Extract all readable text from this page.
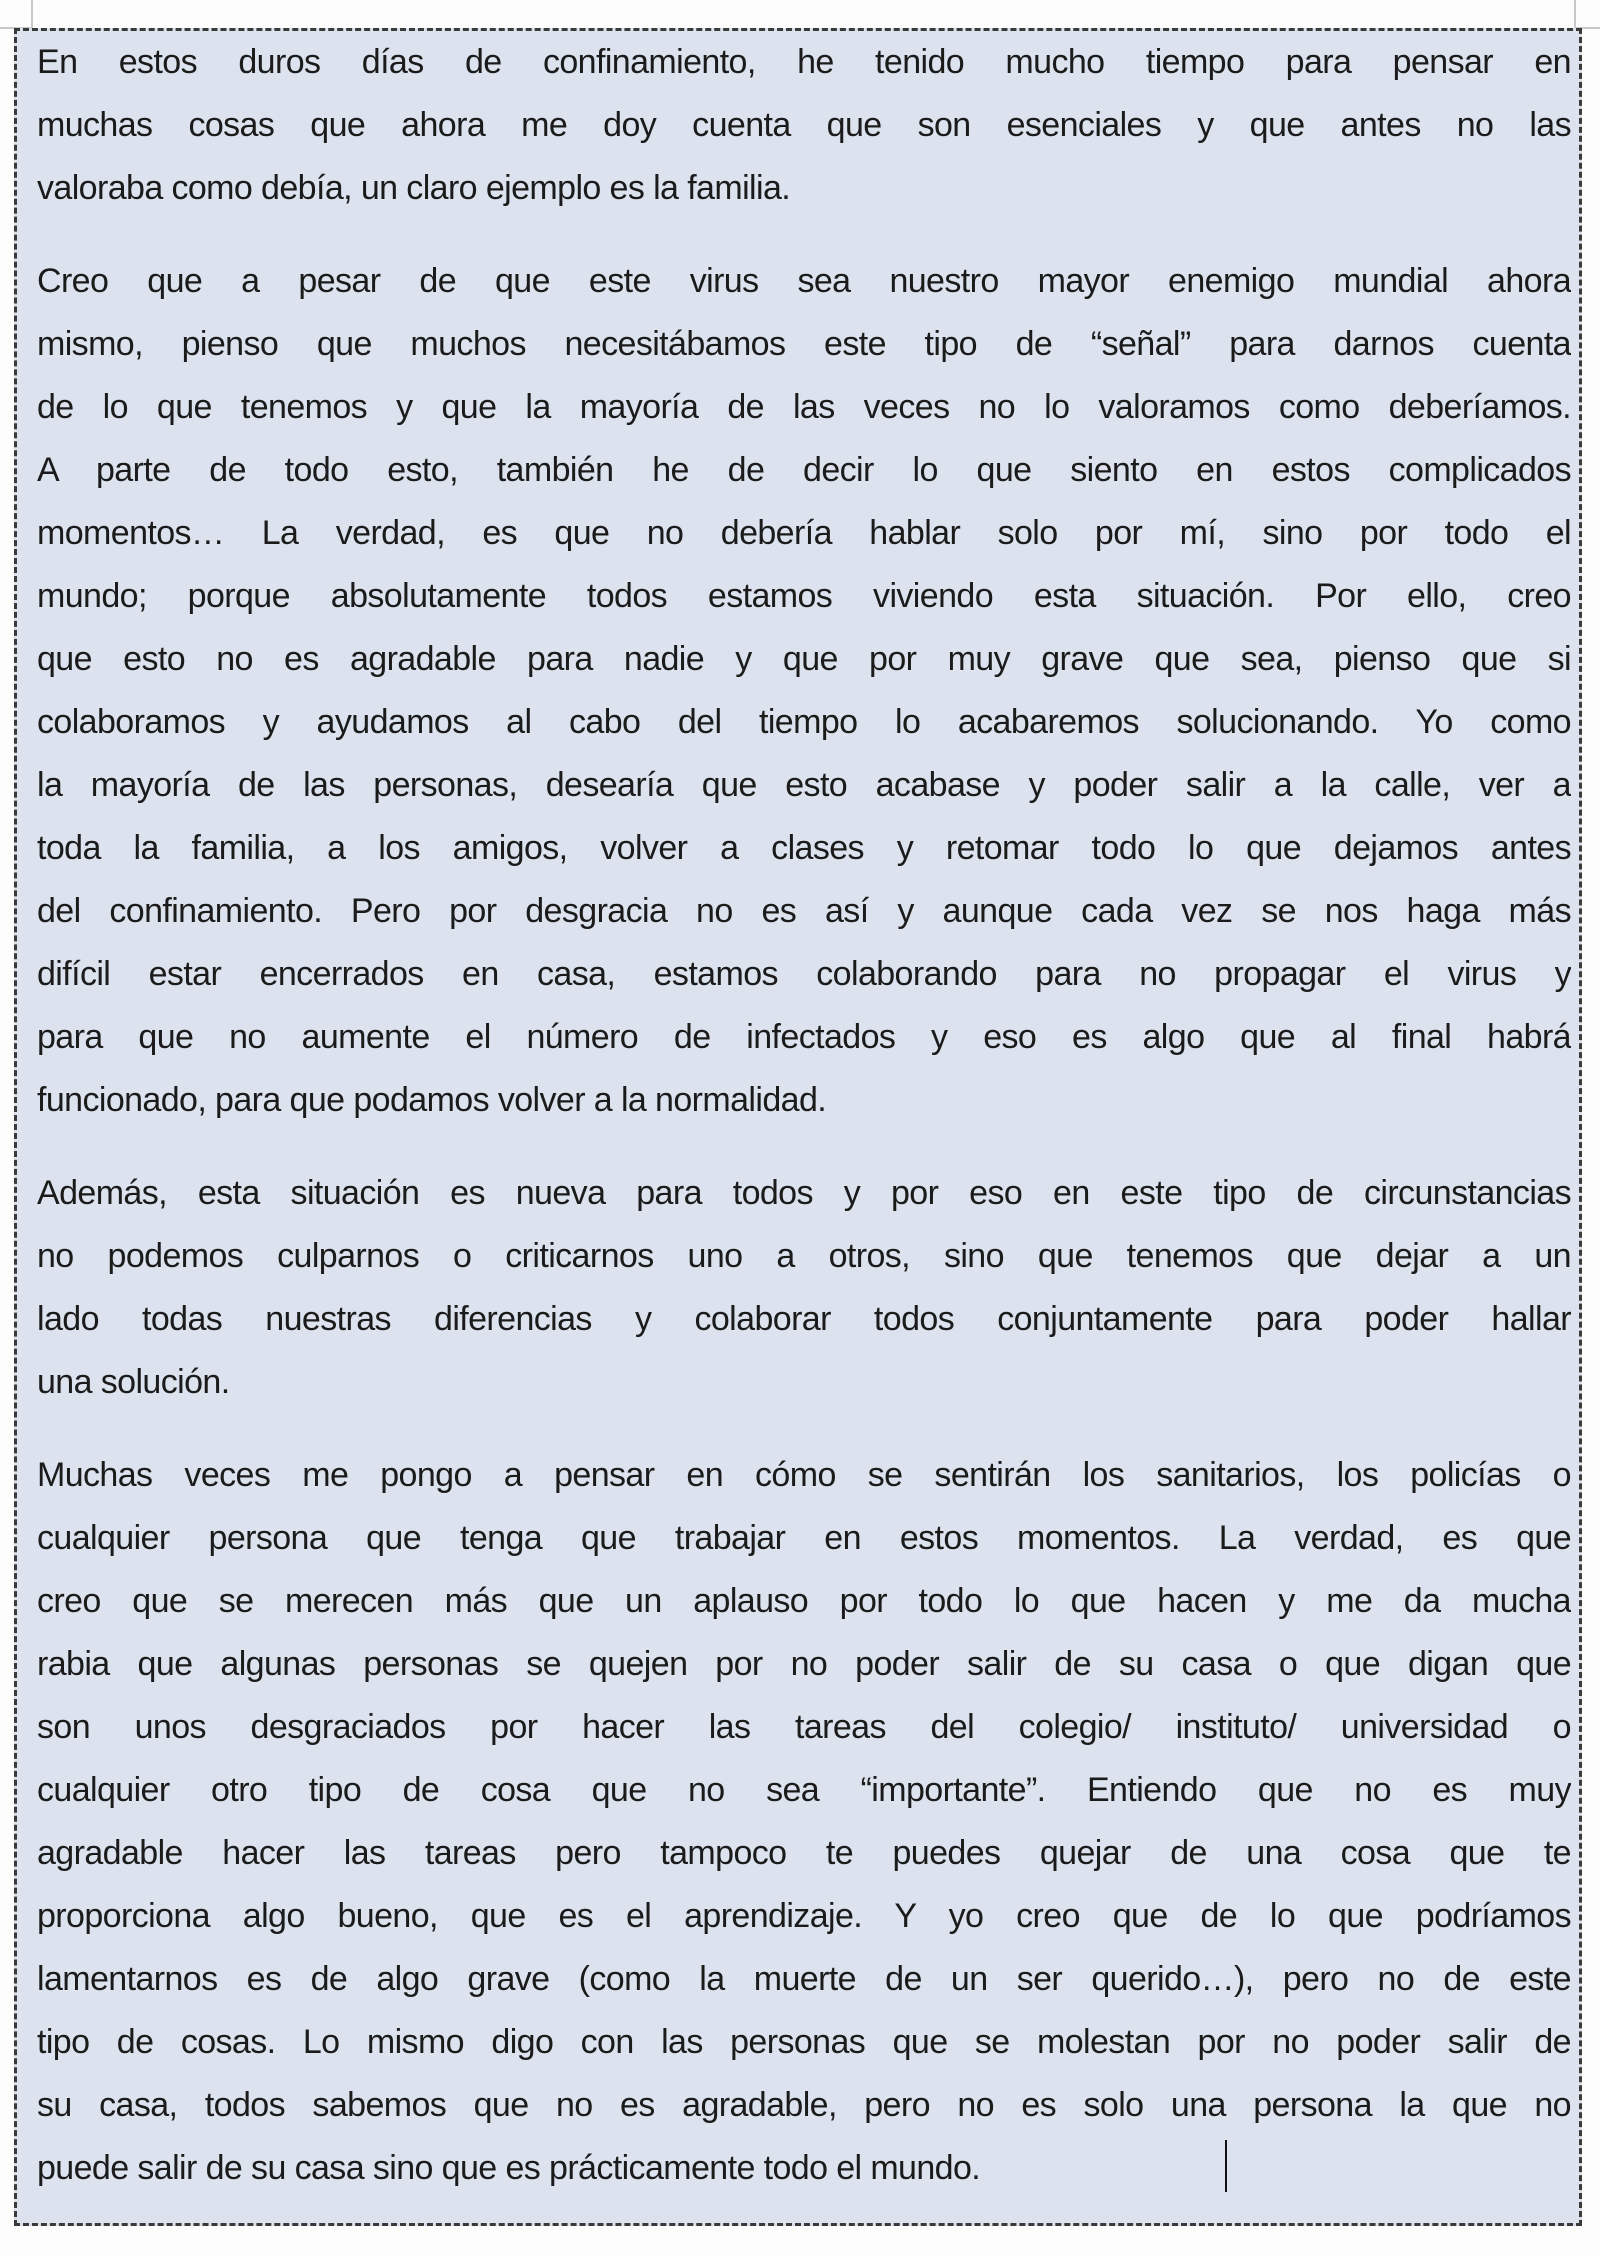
En estos duros días de confinamiento, he tenido mucho tiempo para pensar en
muchas cosas que ahora me doy cuenta que son esenciales y que antes no las
valoraba como debía, un claro ejemplo es la familia.

Creo que a pesar de que este virus sea nuestro mayor enemigo mundial ahora
mismo, pienso que muchos necesitábamos este tipo de “señal” para darnos cuenta
de lo que tenemos y que la mayoría de las veces no lo valoramos como deberíamos.
A parte de todo esto, también he de decir lo que siento en estos complicados
momentos… La verdad, es que no debería hablar solo por mí, sino por todo el
mundo; porque absolutamente todos estamos viviendo esta situación. Por ello, creo
que esto no es agradable para nadie y que por muy grave que sea, pienso que si
colaboramos y ayudamos al cabo del tiempo lo acabaremos solucionando. Yo como
la mayoría de las personas, desearía que esto acabase y poder salir a la calle, ver a
toda la familia, a los amigos, volver a clases y retomar todo lo que dejamos antes
del confinamiento. Pero por desgracia no es así y aunque cada vez se nos haga más
difícil estar encerrados en casa, estamos colaborando para no propagar el virus y
para que no aumente el número de infectados y eso es algo que al final habrá
funcionado, para que podamos volver a la normalidad.

Además, esta situación es nueva para todos y por eso en este tipo de circunstancias
no podemos culparnos o criticarnos uno a otros, sino que tenemos que dejar a un
lado todas nuestras diferencias y colaborar todos conjuntamente para poder hallar
una solución.

Muchas veces me pongo a pensar en cómo se sentirán los sanitarios, los policías o
cualquier persona que tenga que trabajar en estos momentos. La verdad, es que
creo que se merecen más que un aplauso por todo lo que hacen y me da mucha
rabia que algunas personas se quejen por no poder salir de su casa o que digan que
son unos desgraciados por hacer las tareas del colegio/ instituto/ universidad o
cualquier otro tipo de cosa que no sea “importante”. Entiendo que no es muy
agradable hacer las tareas pero tampoco te puedes quejar de una cosa que te
proporciona algo bueno, que es el aprendizaje. Y yo creo que de lo que podríamos
lamentarnos es de algo grave (como la muerte de un ser querido…), pero no de este
tipo de cosas. Lo mismo digo con las personas que se molestan por no poder salir de
su casa, todos sabemos que no es agradable, pero no es solo una persona la que no
puede salir de su casa sino que es prácticamente todo el mundo.
